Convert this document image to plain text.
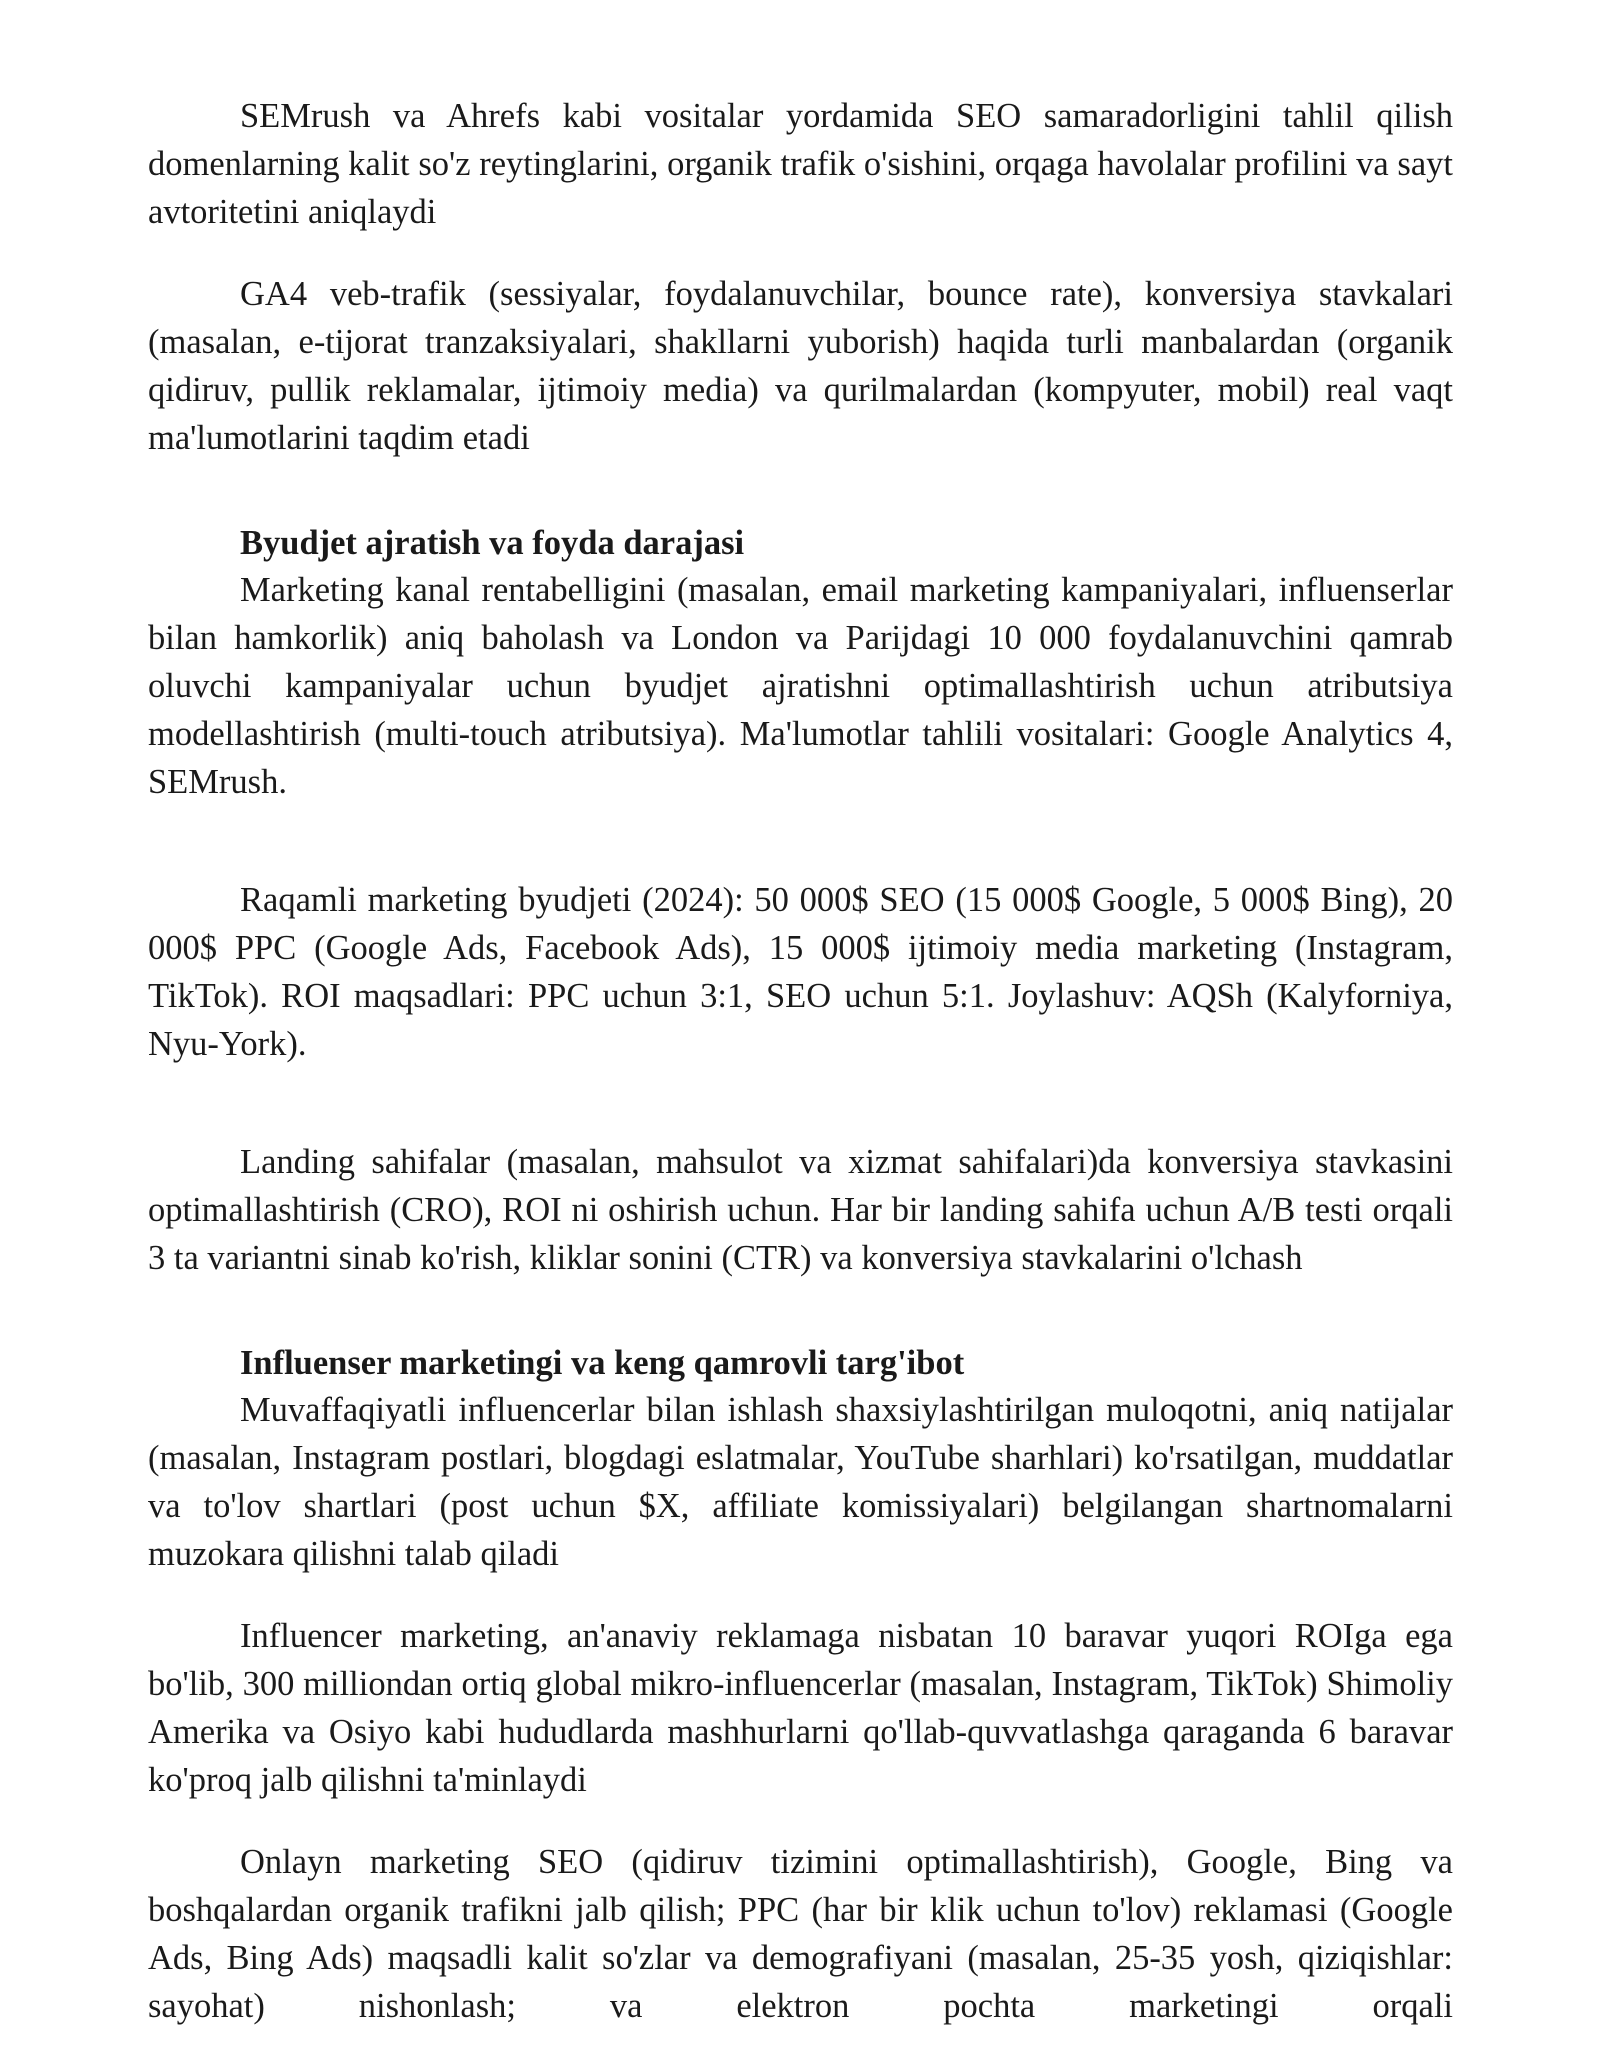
SEMrush va Ahrefs kabi vositalar yordamida SEO samaradorligini tahlil qilish domenlarning kalit so'z reytinglarini, organik trafik o'sishini, orqaga havolalar profilini va sayt avtoritetini aniqlaydi

GA4 veb-trafik (sessiyalar, foydalanuvchilar, bounce rate), konversiya stavkalari (masalan, e-tijorat tranzaksiyalari, shakllarni yuborish) haqida turli manbalardan (organik qidiruv, pullik reklamalar, ijtimoiy media) va qurilmalardan (kompyuter, mobil) real vaqt ma'lumotlarini taqdim etadi

Byudjet ajratish va foyda darajasi

Marketing kanal rentabelligini (masalan, email marketing kampaniyalari, influenserlar bilan hamkorlik) aniq baholash va London va Parijdagi 10 000 foydalanuvchini qamrab oluvchi kampaniyalar uchun byudjet ajratishni optimallashtirish uchun atributsiya modellashtirish (multi-touch atributsiya). Ma'lumotlar tahlili vositalari: Google Analytics 4, SEMrush.

Raqamli marketing byudjeti (2024): 50 000$ SEO (15 000$ Google, 5 000$ Bing), 20 000$ PPC (Google Ads, Facebook Ads), 15 000$ ijtimoiy media marketing (Instagram, TikTok). ROI maqsadlari: PPC uchun 3:1, SEO uchun 5:1. Joylashuv: AQSh (Kalyforniya, Nyu-York).

Landing sahifalar (masalan, mahsulot va xizmat sahifalari)da konversiya stavkasini optimallashtirish (CRO), ROI ni oshirish uchun. Har bir landing sahifa uchun A/B testi orqali 3 ta variantni sinab ko'rish, kliklar sonini (CTR) va konversiya stavkalarini o'lchash

Influenser marketingi va keng qamrovli targ'ibot

Muvaffaqiyatli influencerlar bilan ishlash shaxsiylashtirilgan muloqotni, aniq natijalar (masalan, Instagram postlari, blogdagi eslatmalar, YouTube sharhlari) ko'rsatilgan, muddatlar va to'lov shartlari (post uchun $X, affiliate komissiyalari) belgilangan shartnomalarni muzokara qilishni talab qiladi

Influencer marketing, an'anaviy reklamaga nisbatan 10 baravar yuqori ROIga ega bo'lib, 300 milliondan ortiq global mikro-influencerlar (masalan, Instagram, TikTok) Shimoliy Amerika va Osiyo kabi hududlarda mashhurlarni qo'llab-quvvatlashga qaraganda 6 baravar ko'proq jalb qilishni ta'minlaydi

Onlayn marketing SEO (qidiruv tizimini optimallashtirish), Google, Bing va boshqalardan organik trafikni jalb qilish; PPC (har bir klik uchun to'lov) reklamasi (Google Ads, Bing Ads) maqsadli kalit so'zlar va demografiyani (masalan, 25-35 yosh, qiziqishlar: sayohat) nishonlash; va elektron pochta marketingi orqali
